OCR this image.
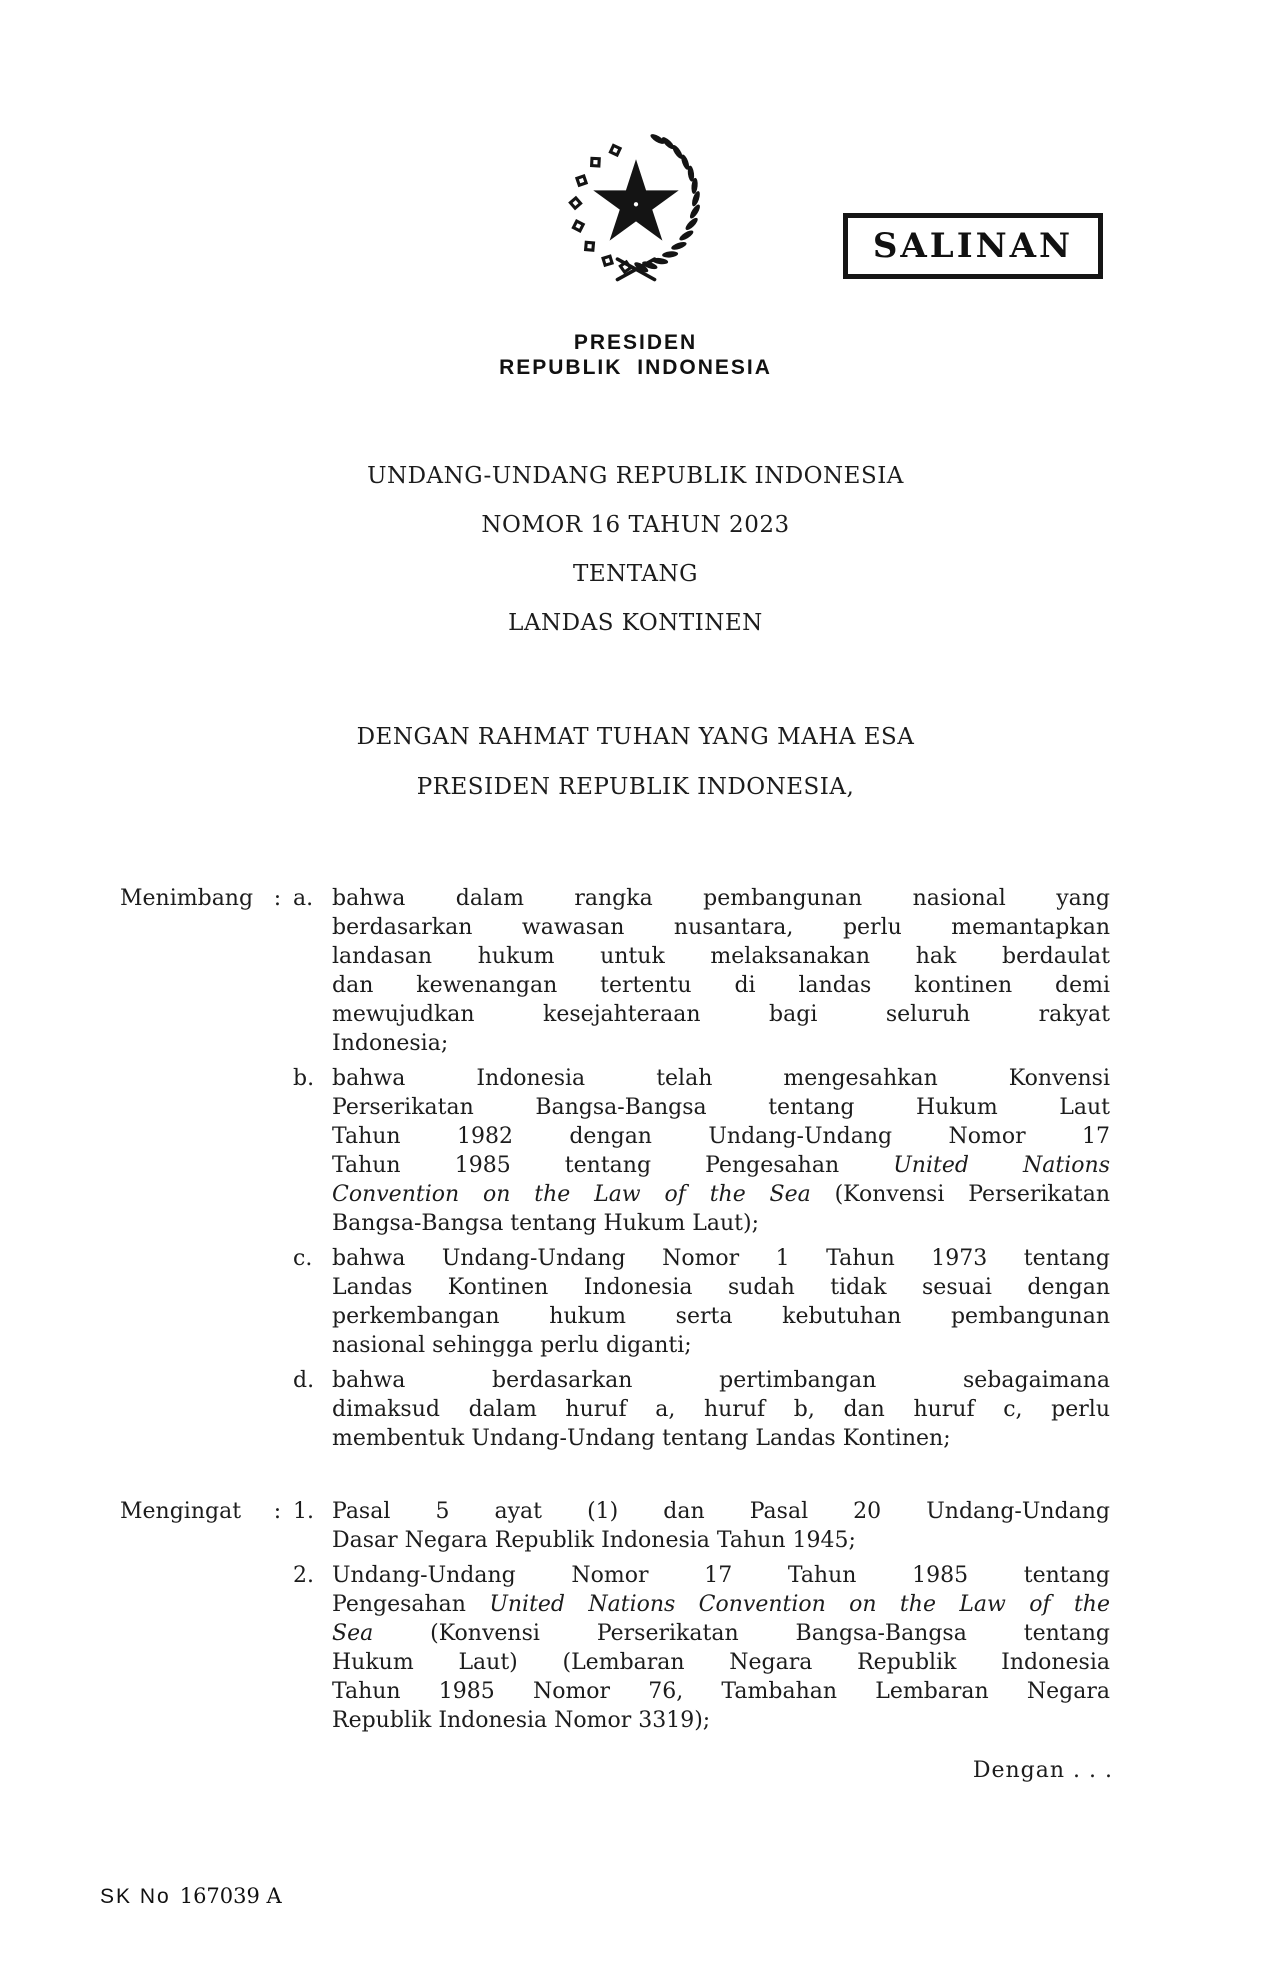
SALINAN
PRESIDEN
REPUBLIK INDONESIA
UNDANG-UNDANG REPUBLIK INDONESIA
NOMOR 16 TAHUN 2023
TENTANG
LANDAS KONTINEN
DENGAN RAHMAT TUHAN YANG MAHA ESA
PRESIDEN REPUBLIK INDONESIA,
Menimbang : a. bahwa dalam rangka pembangunan nasional yang
berdasarkan wawasan nusantara, perlu memantapkan
landasan hukum untuk melaksanakan hak berdaulat
dan kewenangan tertentu di landas kontinen demi
mewujudkan kesejahteraan bagi seluruh rakyat
Indonesia;
b. bahwa Indonesia telah mengesahkan Konvensi
Perserikatan Bangsa-Bangsa tentang Hukum Laut
Tahun 1982 dengan Undang-Undang Nomor 17
Tahun 1985 tentang Pengesahan United Nations
Convention on the Law of the Sea (Konvensi Perserikatan
Bangsa-Bangsa tentang Hukum Laut);
c. bahwa Undang-Undang Nomor 1 Tahun 1973 tentang
Landas Kontinen Indonesia sudah tidak sesuai dengan
perkembangan hukum serta kebutuhan pembangunan
nasional sehingga perlu diganti;
d. bahwa berdasarkan pertimbangan sebagaimana
dimaksud dalam huruf a, huruf b, dan huruf c, perlu
membentuk Undang-Undang tentang Landas Kontinen;
Mengingat	: 1. Pasal 5 ayat (1) dan Pasal 20 Undang-Undang
Dasar Negara Republik Indonesia Tahun 1945;
2. Undang-Undang Nomor 17 Tahun 1985 tentang
Pengesahan United Nations Convention on the Law of the
Sea (Konvensi Perserikatan Bangsa-Bangsa tentang
Hukum Laut) (Lembaran Negara Republik Indonesia
Tahun 1985 Nomor 76, Tambahan Lembaran Negara
Republik Indonesia Nomor 3319);
Dengan . . .
SK No 167039 A
